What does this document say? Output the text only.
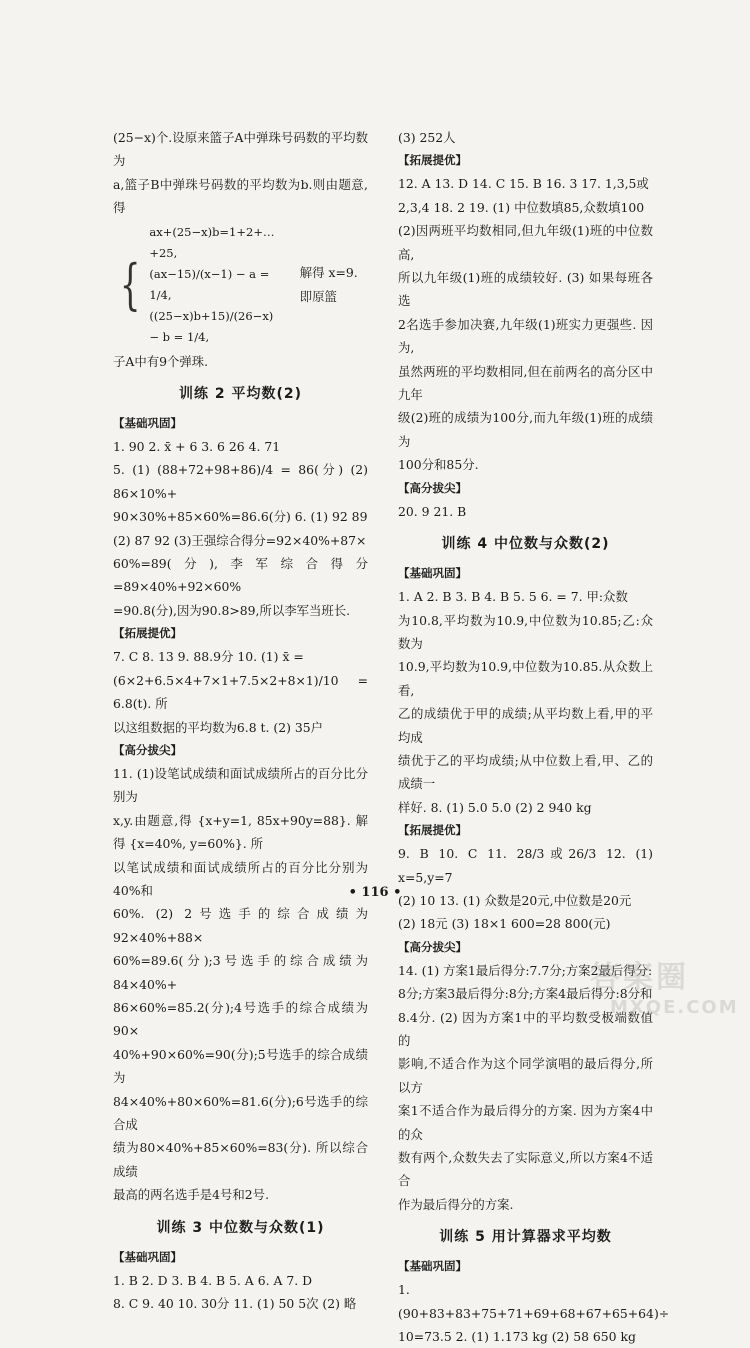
(25−x)个.设原来篮子A中弹珠号码数的平均数为
a,篮子B中弹珠号码数的平均数为b.则由题意,得
{
ax+(25−x)b=1+2+…+25,
(ax−15)/(x−1) − a = 1/4,
((25−x)b+15)/(26−x) − b = 1/4,
解得 x=9.即原篮
子A中有9个弹珠.
训练 2 平均数(2)
【基础巩固】
1. 90 2. x̄ + 6 3. 6 26 4. 71
5. (1) (88+72+98+86)/4 = 86(分) (2) 86×10%+
90×30%+85×60%=86.6(分) 6. (1) 92 89
(2) 87 92 (3)王强综合得分=92×40%+87×
60%=89(分),李军综合得分=89×40%+92×60%
=90.8(分),因为90.8>89,所以李军当班长.
【拓展提优】
7. C 8. 13 9. 88.9分 10. (1) x̄ =
(6×2+6.5×4+7×1+7.5×2+8×1)/10 = 6.8(t). 所
以这组数据的平均数为6.8 t. (2) 35户
【高分拔尖】
11. (1)设笔试成绩和面试成绩所占的百分比分别为
x,y.由题意,得 {x+y=1, 85x+90y=88}. 解得 {x=40%, y=60%}. 所
以笔试成绩和面试成绩所占的百分比分别为40%和
60%. (2) 2号选手的综合成绩为92×40%+88×
60%=89.6(分);3号选手的综合成绩为84×40%+
86×60%=85.2(分);4号选手的综合成绩为90×
40%+90×60%=90(分);5号选手的综合成绩为
84×40%+80×60%=81.6(分);6号选手的综合成
绩为80×40%+85×60%=83(分). 所以综合成绩
最高的两名选手是4号和2号.
训练 3 中位数与众数(1)
【基础巩固】
1. B 2. D 3. B 4. B 5. A 6. A 7. D
8. C 9. 40 10. 30分 11. (1) 50 5次 (2) 略
(3) 252人
【拓展提优】
12. A 13. D 14. C 15. B 16. 3 17. 1,3,5或
2,3,4 18. 2 19. (1) 中位数填85,众数填100
(2)因两班平均数相同,但九年级(1)班的中位数高,
所以九年级(1)班的成绩较好. (3) 如果每班各选
2名选手参加决赛,九年级(1)班实力更强些. 因为,
虽然两班的平均数相同,但在前两名的高分区中九年
级(2)班的成绩为100分,而九年级(1)班的成绩为
100分和85分.
【高分拔尖】
20. 9 21. B
训练 4 中位数与众数(2)
【基础巩固】
1. A 2. B 3. B 4. B 5. 5 6. = 7. 甲:众数
为10.8,平均数为10.9,中位数为10.85;乙:众数为
10.9,平均数为10.9,中位数为10.85.从众数上看,
乙的成绩优于甲的成绩;从平均数上看,甲的平均成
绩优于乙的平均成绩;从中位数上看,甲、乙的成绩一
样好. 8. (1) 5.0 5.0 (2) 2 940 kg
【拓展提优】
9. B 10. C 11. 28/3或26/3 12. (1) x=5,y=7
(2) 10 13. (1) 众数是20元,中位数是20元
(2) 18元 (3) 18×1 600=28 800(元)
【高分拔尖】
14. (1) 方案1最后得分:7.7分;方案2最后得分:
8分;方案3最后得分:8分;方案4最后得分:8分和
8.4分. (2) 因为方案1中的平均数受极端数值的
影响,不适合作为这个同学演唱的最后得分,所以方
案1不适合作为最后得分的方案. 因为方案4中的众
数有两个,众数失去了实际意义,所以方案4不适合
作为最后得分的方案.
训练 5 用计算器求平均数
【基础巩固】
1. (90+83+83+75+71+69+68+67+65+64)÷
10=73.5 2. (1) 1.173 kg (2) 58 650 kg
• 116 •
答案圈
MXQE.COM
